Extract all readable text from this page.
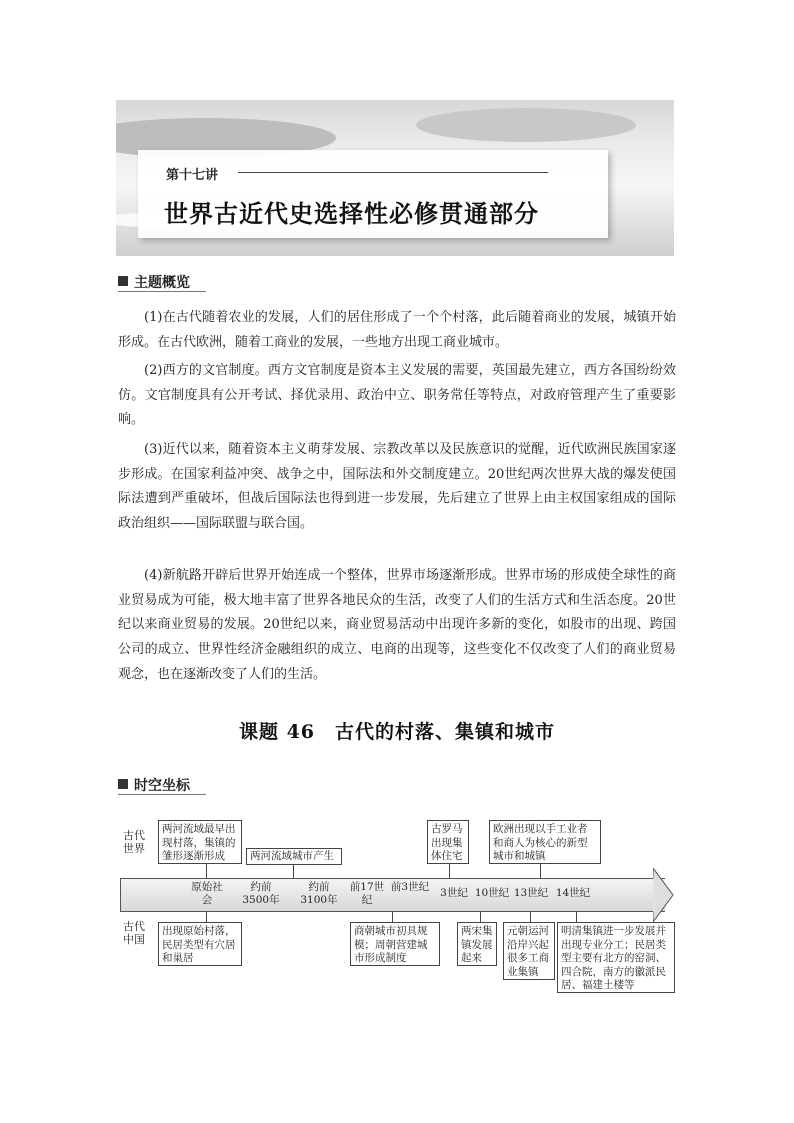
第十七讲
世界古近代史选择性必修贯通部分
主题概览

(1)在古代随着农业的发展，人们的居住形成了一个个村落，此后随着商业的发展，城镇开始形成。在古代欧洲，随着工商业的发展，一些地方出现工商业城市。

(2)西方的文官制度。西方文官制度是资本主义发展的需要，英国最先建立，西方各国纷纷效仿。文官制度具有公开考试、择优录用、政治中立、职务常任等特点，对政府管理产生了重要影响。

(3)近代以来，随着资本主义萌芽发展、宗教改革以及民族意识的觉醒，近代欧洲民族国家逐步形成。在国家利益冲突、战争之中，国际法和外交制度建立。20世纪两次世界大战的爆发使国际法遭到严重破坏，但战后国际法也得到进一步发展，先后建立了世界上由主权国家组成的国际政治组织——国际联盟与联合国。

(4)新航路开辟后世界开始连成一个整体，世界市场逐渐形成。世界市场的形成使全球性的商业贸易成为可能，极大地丰富了世界各地民众的生活，改变了人们的生活方式和生活态度。20世纪以来商业贸易的发展。20世纪以来，商业贸易活动中出现许多新的变化，如股市的出现、跨国公司的成立、世界性经济金融组织的成立、电商的出现等，这些变化不仅改变了人们的商业贸易观念，也在逐渐改变了人们的生活。

课题 46　古代的村落、集镇和城市
时空坐标
古代世界
古代中国
两河流域最早出现村落，集镇的雏形逐渐形成	两河流域城市产生
古罗马出现集体住宅
欧洲出现以手工业者和商人为核心的新型城市和城镇
原始社会
约前3500年
约前3100年
前17世纪
前3世纪	3世纪 10世纪 13世纪 14世纪
出现原始村落，民居类型有穴居和巢居
商朝城市初具规模；周朝营建城市形成制度
两宋集镇发展起来
元朝运河沿岸兴起很多工商业集镇
明清集镇进一步发展并出现专业分工；民居类型主要有北方的窑洞、四合院，南方的徽派民居、福建土楼等
